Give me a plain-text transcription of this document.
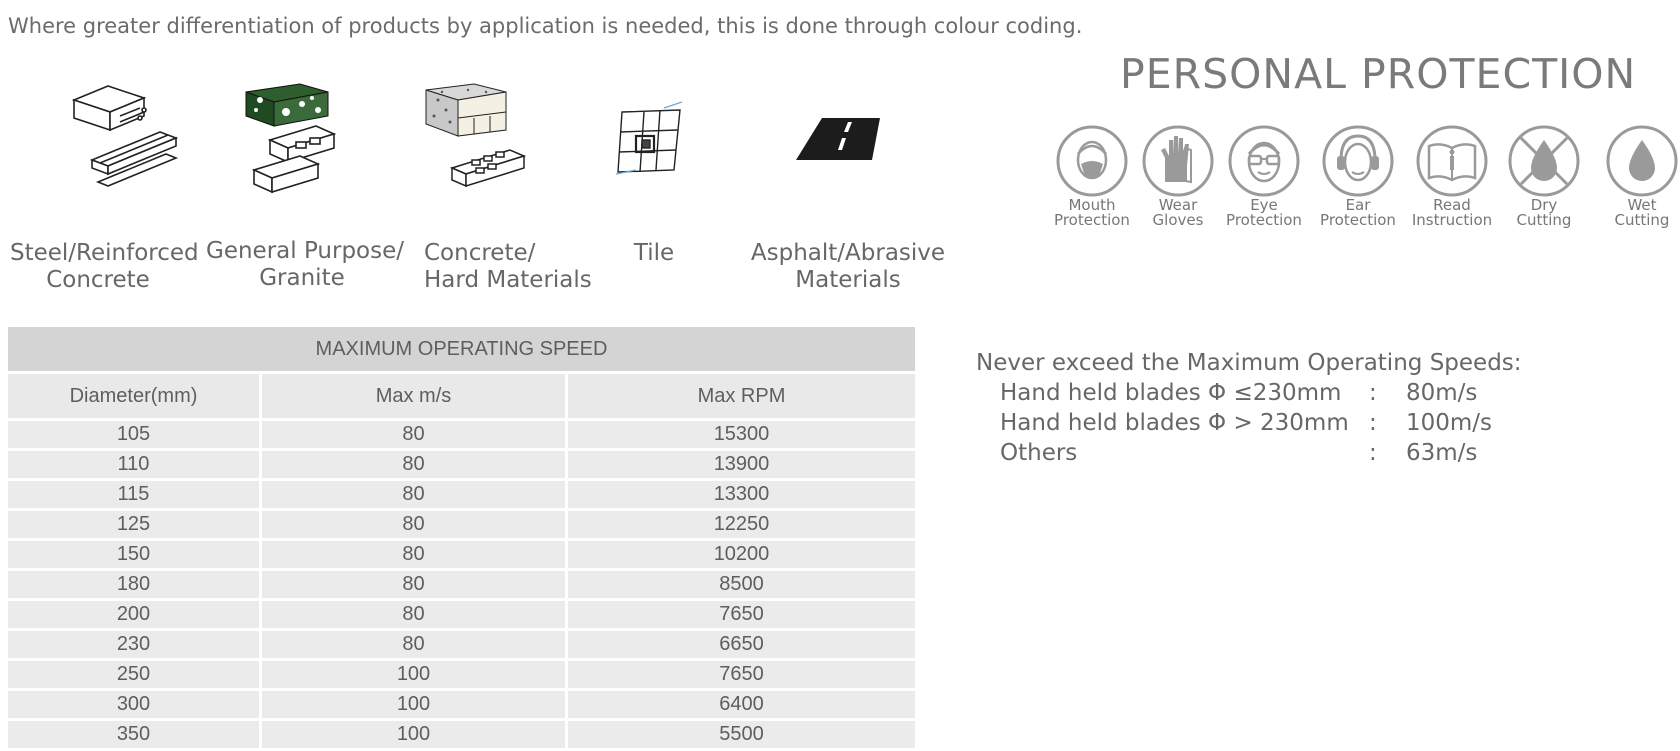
Where greater differentiation of products by application is needed, this is done through colour coding.
Steel/Reinforced
Concrete
General Purpose/
Granite
Concrete/
Hard Materials
Tile	Asphalt/Abrasive
Materials
PERSONAL PROTECTION
Mouth
Protection
Wear
Gloves
Eye
Protection
Ear
Protection
Read
Instruction
Dry
Cutting
Wet
Cutting
MAXIMUM OPERATING SPEED		
Diameter(mm)	Max m/s	Max RPM
105	80	15300
110	80	13900
115	80	13300
125	80	12250
150	80	10200
180	80	8500
200	80	7650
230	80	6650
250	100	7650
300	100	6400
350	100	5500
Never exceed the Maximum Operating Speeds:
Hand held blades Φ ≤230mm : 80m/s
Hand held blades Φ > 230mm : 100m/s
Others	: 63m/s
